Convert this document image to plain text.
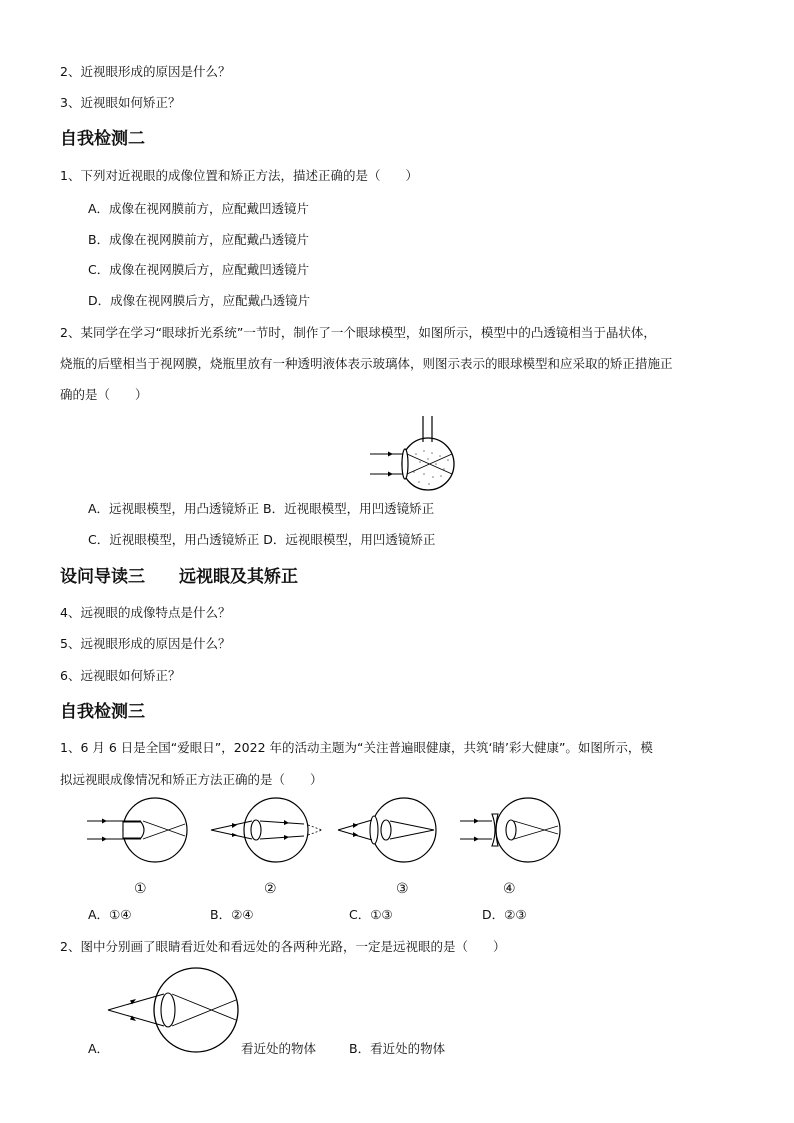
2、近视眼形成的原因是什么？
3、近视眼如何矫正？
自我检测二
1、下列对近视眼的成像位置和矫正方法，描述正确的是（　　）
A．成像在视网膜前方，应配戴凹透镜片
B．成像在视网膜前方，应配戴凸透镜片
C．成像在视网膜后方，应配戴凹透镜片
D．成像在视网膜后方，应配戴凸透镜片
2、某同学在学习“眼球折光系统”一节时，制作了一个眼球模型，如图所示，模型中的凸透镜相当于晶状体，
烧瓶的后壁相当于视网膜，烧瓶里放有一种透明液体表示玻璃体，则图示表示的眼球模型和应采取的矫正措施正
确的是（　　）
A．远视眼模型，用凸透镜矫正 B．近视眼模型，用凹透镜矫正
C．近视眼模型，用凸透镜矫正 D．远视眼模型，用凹透镜矫正
设问导读三　　远视眼及其矫正
4、远视眼的成像特点是什么？
5、远视眼形成的原因是什么？
6、远视眼如何矫正？
自我检测三
1、6 月 6 日是全国“爱眼日”，2022 年的活动主题为“关注普遍眼健康，共筑‘睛’彩大健康”。如图所示，模
拟远视眼成像情况和矫正方法正确的是（　　）
①	②	③	④
A．①④	B．②④	C．①③	D．②③
2、图中分别画了眼睛看近处和看远处的各两种光路，一定是远视眼的是（　　）
A．	看近处的物体	B．看近处的物体
